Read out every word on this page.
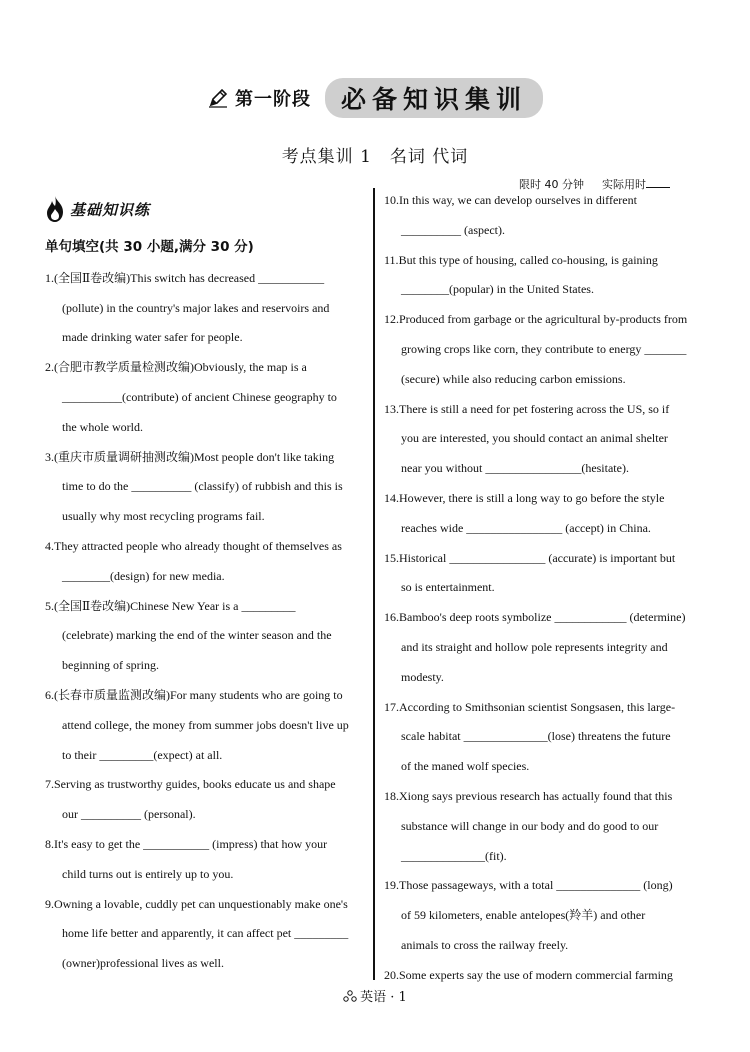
第一阶段	必备知识集训
考点集训 1　名词 代词
限时 40 分钟 实际用时
基础知识练
单句填空(共 30 小题,满分 30 分)
1.(全国Ⅱ卷改编)This switch has decreased ___________
(pollute) in the country's major lakes and reservoirs and
made drinking water safer for people.
2.(合肥市教学质量检测改编)Obviously, the map is a
__________(contribute) of ancient Chinese geography to
the whole world.
3.(重庆市质量调研抽测改编)Most people don't like taking
time to do the __________ (classify) of rubbish and this is
usually why most recycling programs fail.
4.They attracted people who already thought of themselves as
________(design) for new media.
5.(全国Ⅱ卷改编)Chinese New Year is a _________
(celebrate) marking the end of the winter season and the
beginning of spring.
6.(长春市质量监测改编)For many students who are going to
attend college, the money from summer jobs doesn't live up
to their _________(expect) at all.
7.Serving as trustworthy guides, books educate us and shape
our __________ (personal).
8.It's easy to get the ___________ (impress) that how your
child turns out is entirely up to you.
9.Owning a lovable, cuddly pet can unquestionably make one's
home life better and apparently, it can affect pet _________
(owner)professional lives as well.
10.In this way, we can develop ourselves in different
__________ (aspect).
11.But this type of housing, called co-housing, is gaining
________(popular) in the United States.
12.Produced from garbage or the agricultural by-products from
growing crops like corn, they contribute to energy _______
(secure) while also reducing carbon emissions.
13.There is still a need for pet fostering across the US, so if
you are interested, you should contact an animal shelter
near you without ________________(hesitate).
14.However, there is still a long way to go before the style
reaches wide ________________ (accept) in China.
15.Historical ________________ (accurate) is important but
so is entertainment.
16.Bamboo's deep roots symbolize ____________ (determine)
and its straight and hollow pole represents integrity and
modesty.
17.According to Smithsonian scientist Songsasen, this large-
scale habitat ______________(lose) threatens the future
of the maned wolf species.
18.Xiong says previous research has actually found that this
substance will change in our body and do good to our
______________(fit).
19.Those passageways, with a total ______________ (long)
of 59 kilometers, enable antelopes(羚羊) and other
animals to cross the railway freely.
20.Some experts say the use of modern commercial farming
英语 · 1
